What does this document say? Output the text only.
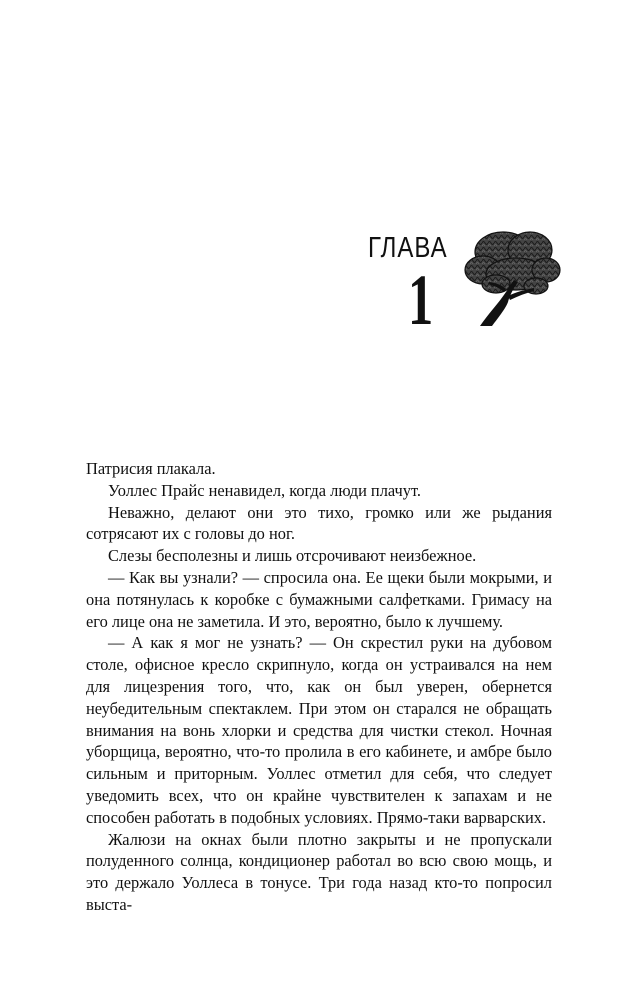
ГЛАВА
1

Патрисия плакала.

Уоллес Прайс ненавидел, когда люди плачут.

Неважно, делают они это тихо, громко или же рыдания сотрясают их с головы до ног.

Слезы бесполезны и лишь отсрочивают неизбежное.

— Как вы узнали? — спросила она. Ее щеки были мокрыми, и она потянулась к коробке с бумажными салфетками. Гримасу на его лице она не заметила. И это, вероятно, было к лучшему.

— А как я мог не узнать? — Он скрестил руки на дубовом столе, офисное кресло скрипнуло, когда он устраивался на нем для лицезрения того, что, как он был уверен, обернется неубедительным спектаклем. При этом он старался не обращать внимания на вонь хлорки и средства для чистки стекол. Ночная уборщица, вероятно, что-то пролила в его кабинете, и амбре было сильным и приторным. Уоллес отметил для себя, что следует уведомить всех, что он крайне чувствителен к запахам и не способен работать в подобных условиях. Прямо-таки варварских.

Жалюзи на окнах были плотно закрыты и не пропускали полуденного солнца, кондиционер работал во всю свою мощь, и это держало Уоллеса в тонусе. Три года назад кто-то попросил выста-
